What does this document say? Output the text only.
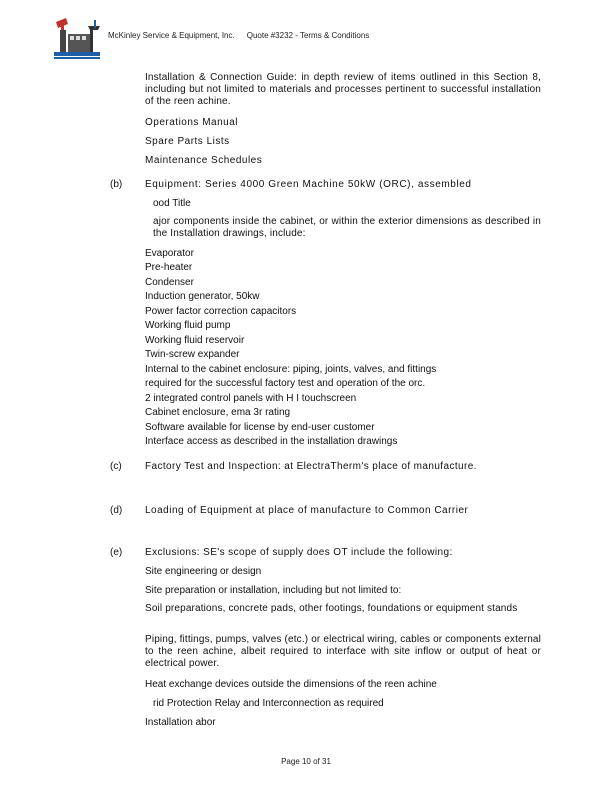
McKinley Service & Equipment, Inc. Quote #3232 - Terms & Conditions
Installation & Connection Guide: in depth review of items outlined in this Section 8, including but not limited to materials and processes pertinent to successful installation of the reen achine.
Operations Manual
Spare Parts Lists
Maintenance Schedules
(b) Equipment: Series 4000 Green Machine 50kW (ORC), assembled
ood Title
ajor components inside the cabinet, or within the exterior dimensions as described in the Installation drawings, include:
Evaporator
Pre-heater
Condenser
Induction generator, 50kw
Power factor correction capacitors
Working fluid pump
Working fluid reservoir
Twin-screw expander
Internal to the cabinet enclosure: piping, joints, valves, and fittings
required for the successful factory test and operation of the orc.
2 integrated control panels with H I touchscreen
Cabinet enclosure, ema 3r rating
Software available for license by end-user customer
Interface access as described in the installation drawings
(c) Factory Test and Inspection: at ElectraTherm's place of manufacture.
(d) Loading of Equipment at place of manufacture to Common Carrier
(e) Exclusions: SE's scope of supply does OT include the following:
Site engineering or design
Site preparation or installation, including but not limited to:
Soil preparations, concrete pads, other footings, foundations or equipment stands
Piping, fittings, pumps, valves (etc.) or electrical wiring, cables or components external to the reen achine, albeit required to interface with site inflow or output of heat or electrical power.
Heat exchange devices outside the dimensions of the reen achine
rid Protection Relay and Interconnection as required
Installation abor
Page 10 of 31
